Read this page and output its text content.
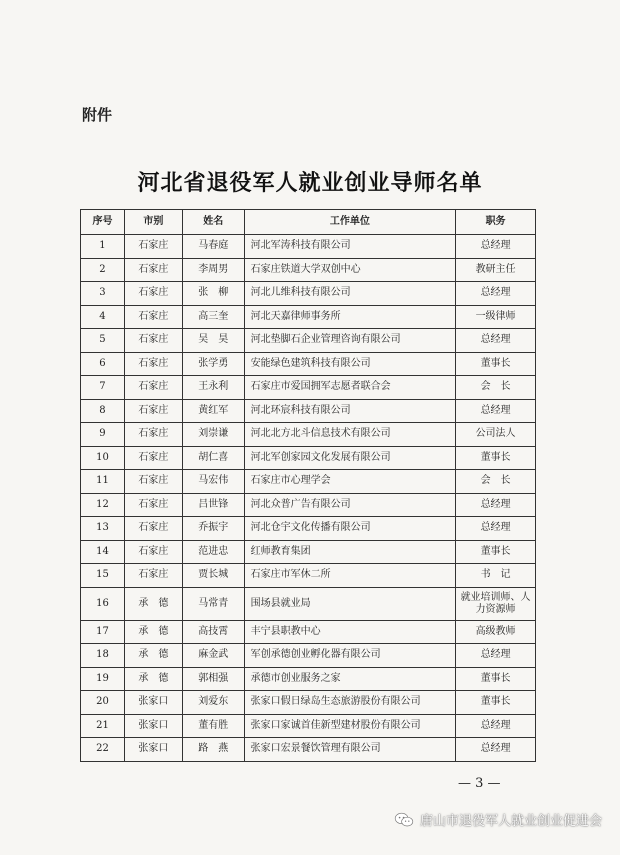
附件
河北省退役军人就业创业导师名单
序号	市别	姓名	工作单位	职务
1	石家庄	马春庭	河北军涛科技有限公司	总经理
2	石家庄	李周男	石家庄铁道大学双创中心	教研主任
3	石家庄	张　柳	河北儿维科技有限公司	总经理
4	石家庄	高三奎	河北天嘉律师事务所	一级律师
5	石家庄	吴　昊	河北垫脚石企业管理咨询有限公司	总经理
6	石家庄	张学勇	安能绿色建筑科技有限公司	董事长
7	石家庄	王永利	石家庄市爱国拥军志愿者联合会	会　长
8	石家庄	黄红军	河北环宸科技有限公司	总经理
9	石家庄	刘崇谦	河北北方北斗信息技术有限公司	公司法人
10	石家庄	胡仁喜	河北军创家园文化发展有限公司	董事长
11	石家庄	马宏伟	石家庄市心理学会	会　长
12	石家庄	吕世锋	河北众普广告有限公司	总经理
13	石家庄	乔振宇	河北仓宇文化传播有限公司	总经理
14	石家庄	范进忠	红师教育集团	董事长
15	石家庄	贾长城	石家庄市军休二所	书　记
16	承　德	马常青	围场县就业局	就业培训师、人力资源师
17	承　德	高技霄	丰宁县职教中心	高级教师
18	承　德	麻金武	军创承德创业孵化器有限公司	总经理
19	承　德	郭相强	承德市创业服务之家	董事长
20	张家口	刘爱东	张家口假日绿岛生态旅游股份有限公司	董事长
21	张家口	董有胜	张家口家诚首佳新型建材股份有限公司	总经理
22	张家口	路　燕	张家口宏景餐饮管理有限公司	总经理
— 3 —
唐山市退役军人就业创业促进会
